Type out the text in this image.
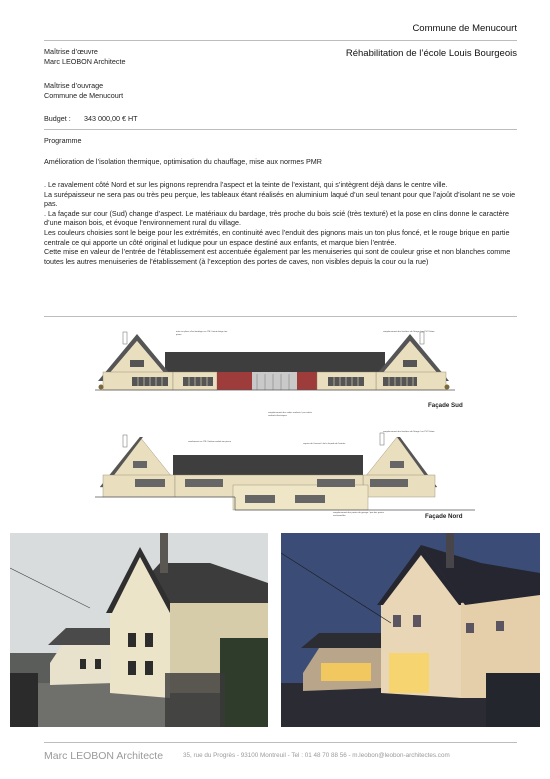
Commune de Menucourt
Réhabilitation de l’école Louis Bourgeois
Maîtrise d’œuvre
Marc LEOBON Architecte
Maîtrise d’ouvrage
Commune de Menucourt
Budget : 343 000,00 € HT
Programme
Amélioration de l’isolation thermique, optimisation du chauffage, mise aux normes PMR
. Le ravalement côté Nord et sur les pignons reprendra l’aspect et la teinte de l’existant, qui s’intègrent déjà dans le centre ville.
La surépaisseur ne sera pas ou très peu perçue, les tableaux étant réalisés en aluminium laqué d’un seul tenant pour que l’ajoût d’isolant ne se voie pas.
. La façade sur cour (Sud) change d’aspect. Le matériaux du bardage, très proche du bois scié (très texturé) et la pose en clins donne le caractère d’une maison bois, et évoque l’environnement rural du village.
Les couleurs choisies sont le beige pour les extrémités, en continuité avec l’enduit des pignons mais un ton plus foncé, et le rouge brique en partie centrale ce qui apporte un côté original et ludique pour un espace destiné aux enfants, et marque bien l’entrée.
Cette mise en valeur de l’entrée de l’établissement est accentuée également par les menuiseries qui sont de couleur grise et non blanches comme toutes les autres menuiseries de l’établissement (à l’exception des portes de caves, non visibles depuis la cour ou la rue)
mise en place d'un bardage sur ITE / teinte beige ton pierre
remplacement des fenêtres de l'étage / en PVC blanc
Façade Sud
remplacement des volets roulants / par volets roulants électriques
ravalement sur ITE / finition enduit ton pierre
reprise de l'auvent / de la façade de l'entrée
remplacement des fenêtres de l'étage / en PVC blanc
remplacement des portes de garage / par des portes sectionnelles	Façade Nord
Marc LEOBON Architecte	35, rue du Progrès - 93100 Montreuil - Tel : 01 48 70 88 56 - m.leobon@leobon-architectes.com
